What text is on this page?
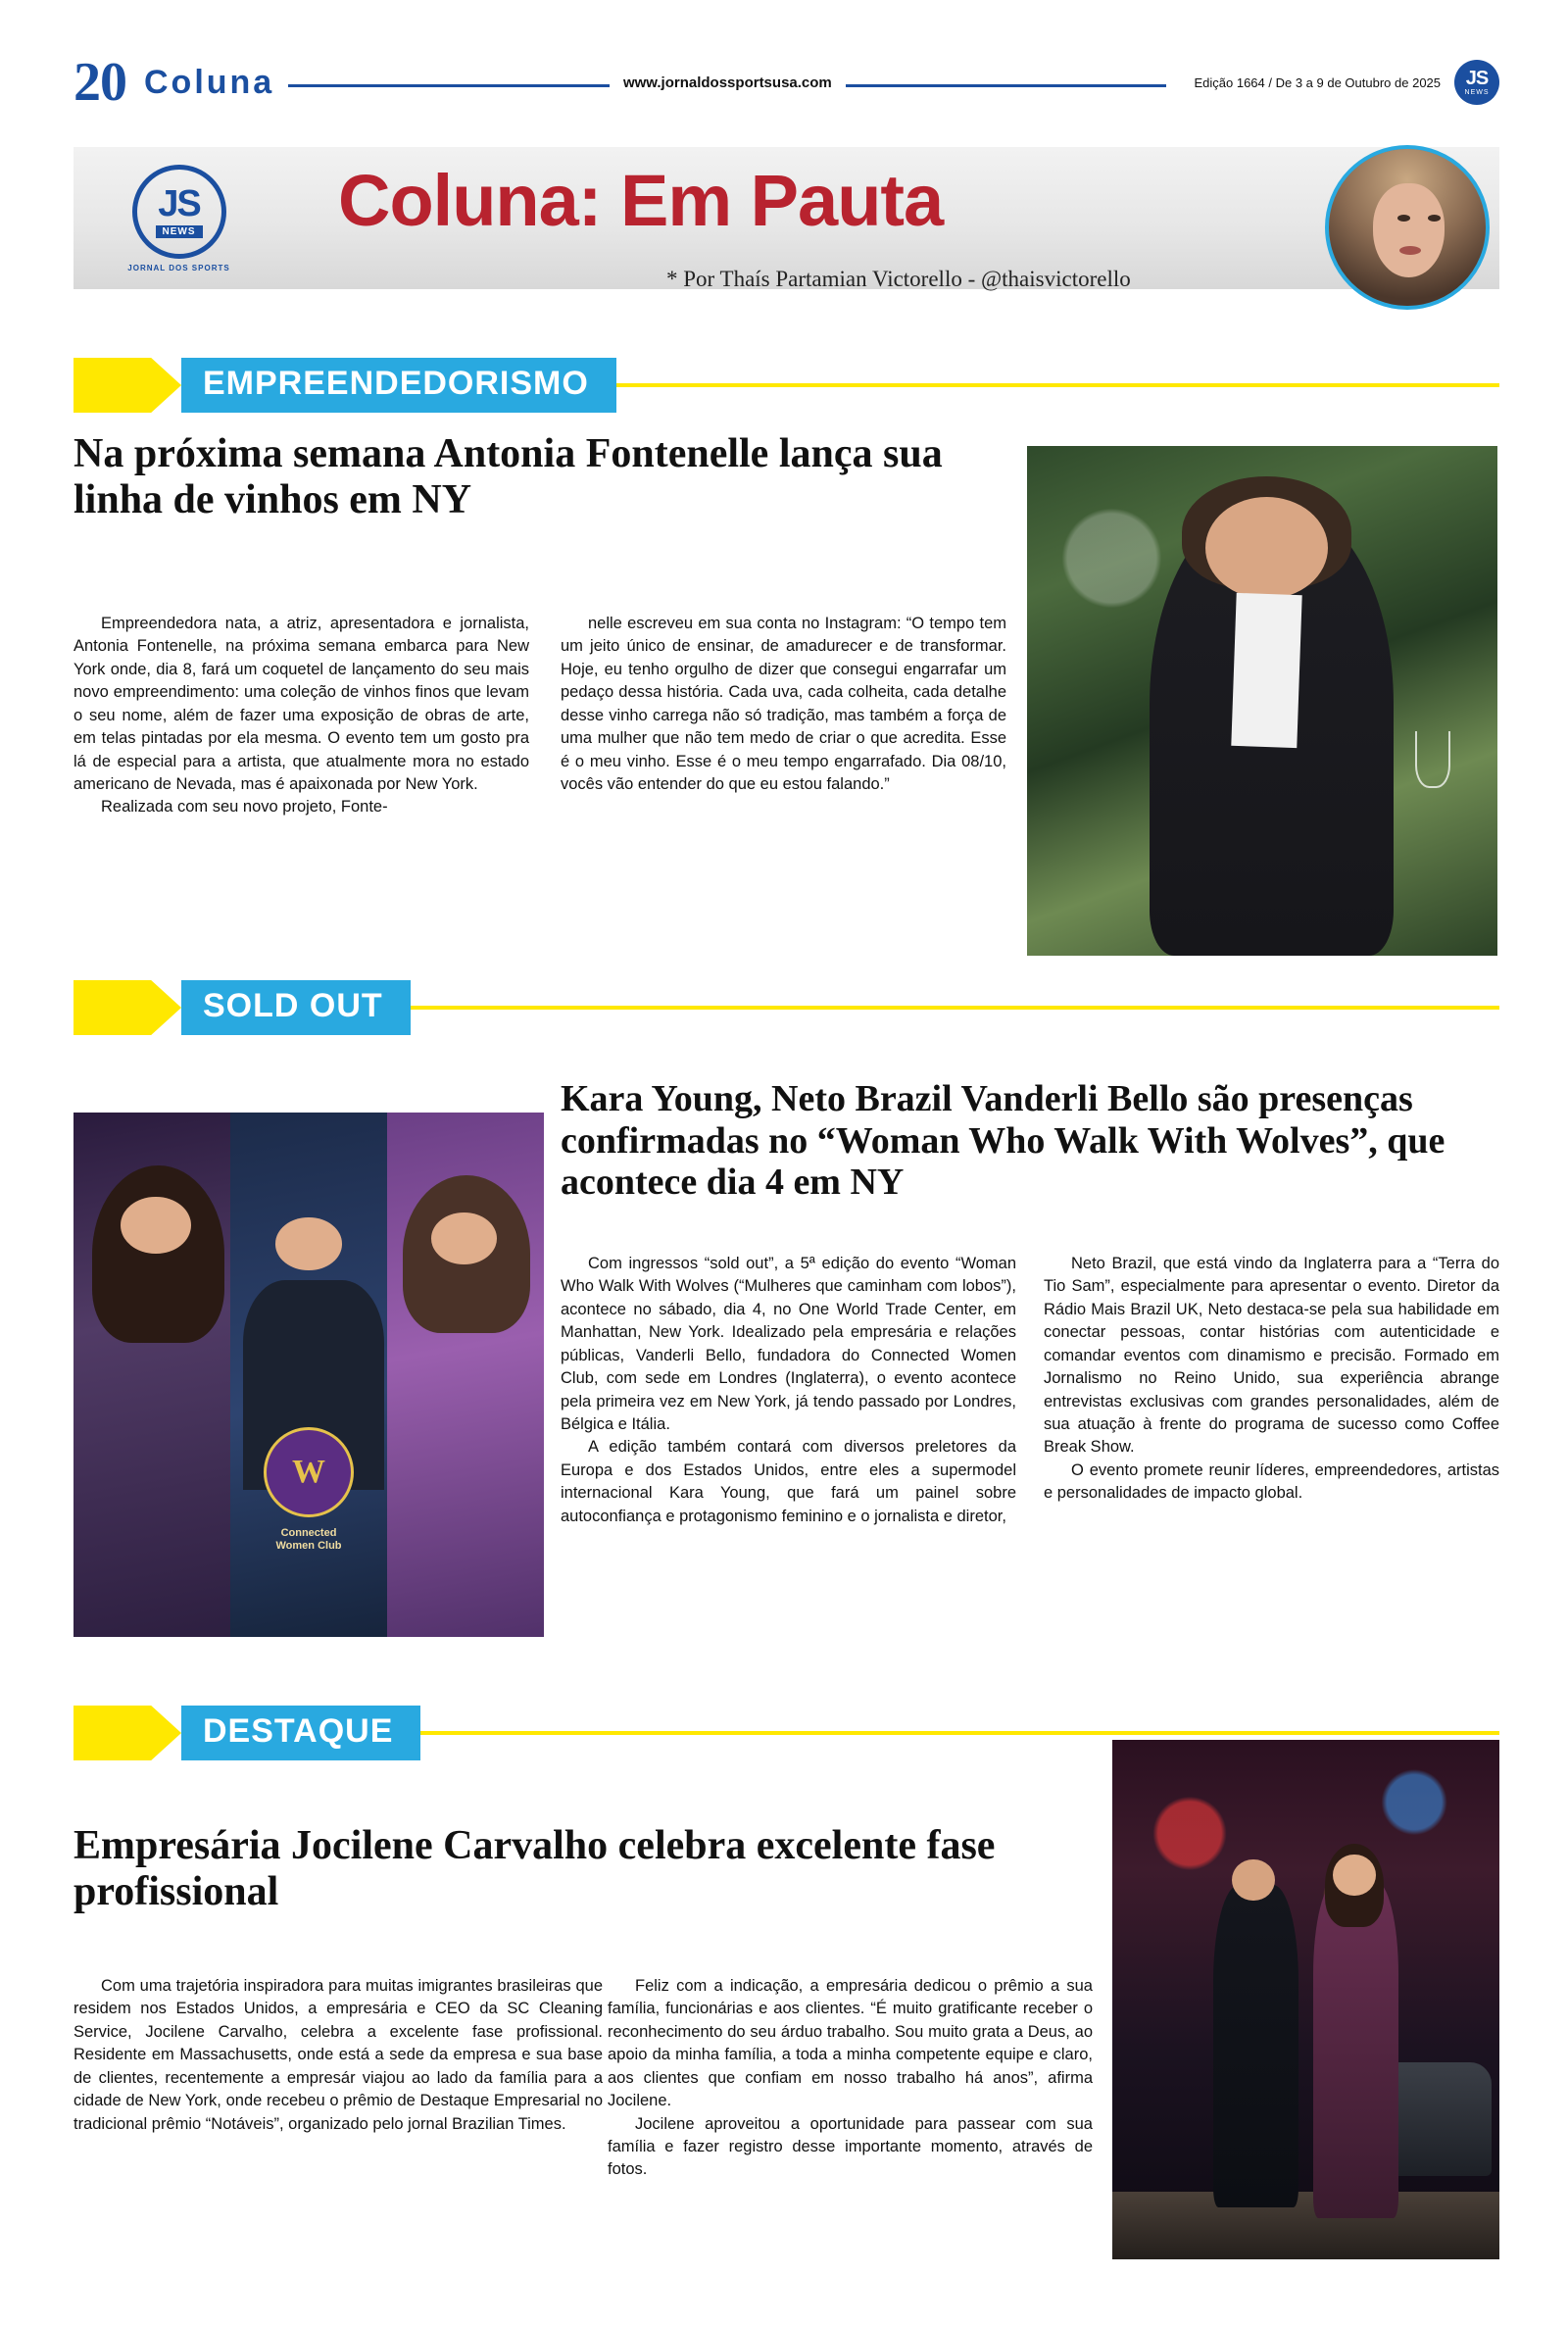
20 Coluna	www.jornaldossportsusa.com	Edição 1664 / De 3 a 9 de Outubro de 2025 JS
NEWS
JS
NEWS
JORNAL DOS SPORTS
Coluna: Em Pauta
* Por Thaís Partamian Victorello - @thaisvictorello
EMPREENDEDORISMO
Na próxima semana Antonia Fontenelle lança sua linha de vinhos em NY

Empreendedora nata, a atriz, apresentadora e jornalista, Antonia Fontenelle, na próxima semana embarca para New York onde, dia 8, fará um coquetel de lançamento do seu mais novo empreendimento: uma coleção de vinhos finos que levam o seu nome, além de fazer uma exposição de obras de arte, em telas pintadas por ela mesma. O evento tem um gosto pra lá de especial para a artista, que atualmente mora no estado americano de Nevada, mas é apaixonada por New York.

Realizada com seu novo projeto, Fonte-

nelle escreveu em sua conta no Instagram: “O tempo tem um jeito único de ensinar, de amadurecer e de transformar. Hoje, eu tenho orgulho de dizer que consegui engarrafar um pedaço dessa história. Cada uva, cada colheita, cada detalhe desse vinho carrega não só tradição, mas também a força de uma mulher que não tem medo de criar o que acredita. Esse é o meu vinho. Esse é o meu tempo engarrafado. Dia 08/10, vocês vão entender do que eu estou falando.”

SOLD OUT
W
Connected
Women Club
Kara Young, Neto Brazil Vanderli Bello são presenças confirmadas no “Woman Who Walk With Wolves”, que acontece dia 4 em NY

Com ingressos “sold out”, a 5ª edição do evento “Woman Who Walk With Wolves (“Mulheres que caminham com lobos”), acontece no sábado, dia 4, no One World Trade Center, em Manhattan, New York. Idealizado pela empresária e relações públicas, Vanderli Bello, fundadora do Connected Women Club, com sede em Londres (Inglaterra), o evento acontece pela primeira vez em New York, já tendo passado por Londres, Bélgica e Itália.

A edição também contará com diversos preletores da Europa e dos Estados Unidos, entre eles a supermodel internacional Kara Young, que fará um painel sobre autoconfiança e protagonismo feminino e o jornalista e diretor,

Neto Brazil, que está vindo da Inglaterra para a “Terra do Tio Sam”, especialmente para apresentar o evento. Diretor da Rádio Mais Brazil UK, Neto destaca-se pela sua habilidade em conectar pessoas, contar histórias com autenticidade e comandar eventos com dinamismo e precisão. Formado em Jornalismo no Reino Unido, sua experiência abrange entrevistas exclusivas com grandes personalidades, além de sua atuação à frente do programa de sucesso como Coffee Break Show.

O evento promete reunir líderes, empreendedores, artistas e personalidades de impacto global.

DESTAQUE
Empresária Jocilene Carvalho celebra excelente fase profissional

Com uma trajetória inspiradora para muitas imigrantes brasileiras que residem nos Estados Unidos, a empresária e CEO da SC Cleaning Service, Jocilene Carvalho, celebra a excelente fase profissional. Residente em Massachusetts, onde está a sede da empresa e sua base de clientes, recentemente a empresár viajou ao lado da família para a cidade de New York, onde recebeu o prêmio de Destaque Empresarial no tradicional prêmio “Notáveis”, organizado pelo jornal Brazilian Times.

Feliz com a indicação, a empresária dedicou o prêmio a sua família, funcionárias e aos clientes. “É muito gratificante receber o reconhecimento do seu árduo trabalho. Sou muito grata a Deus, ao apoio da minha família, a toda a minha competente equipe e claro, aos clientes que confiam em nosso trabalho há anos”, afirma Jocilene.

Jocilene aproveitou a oportunidade para passear com sua família e fazer registro desse importante momento, através de fotos.
